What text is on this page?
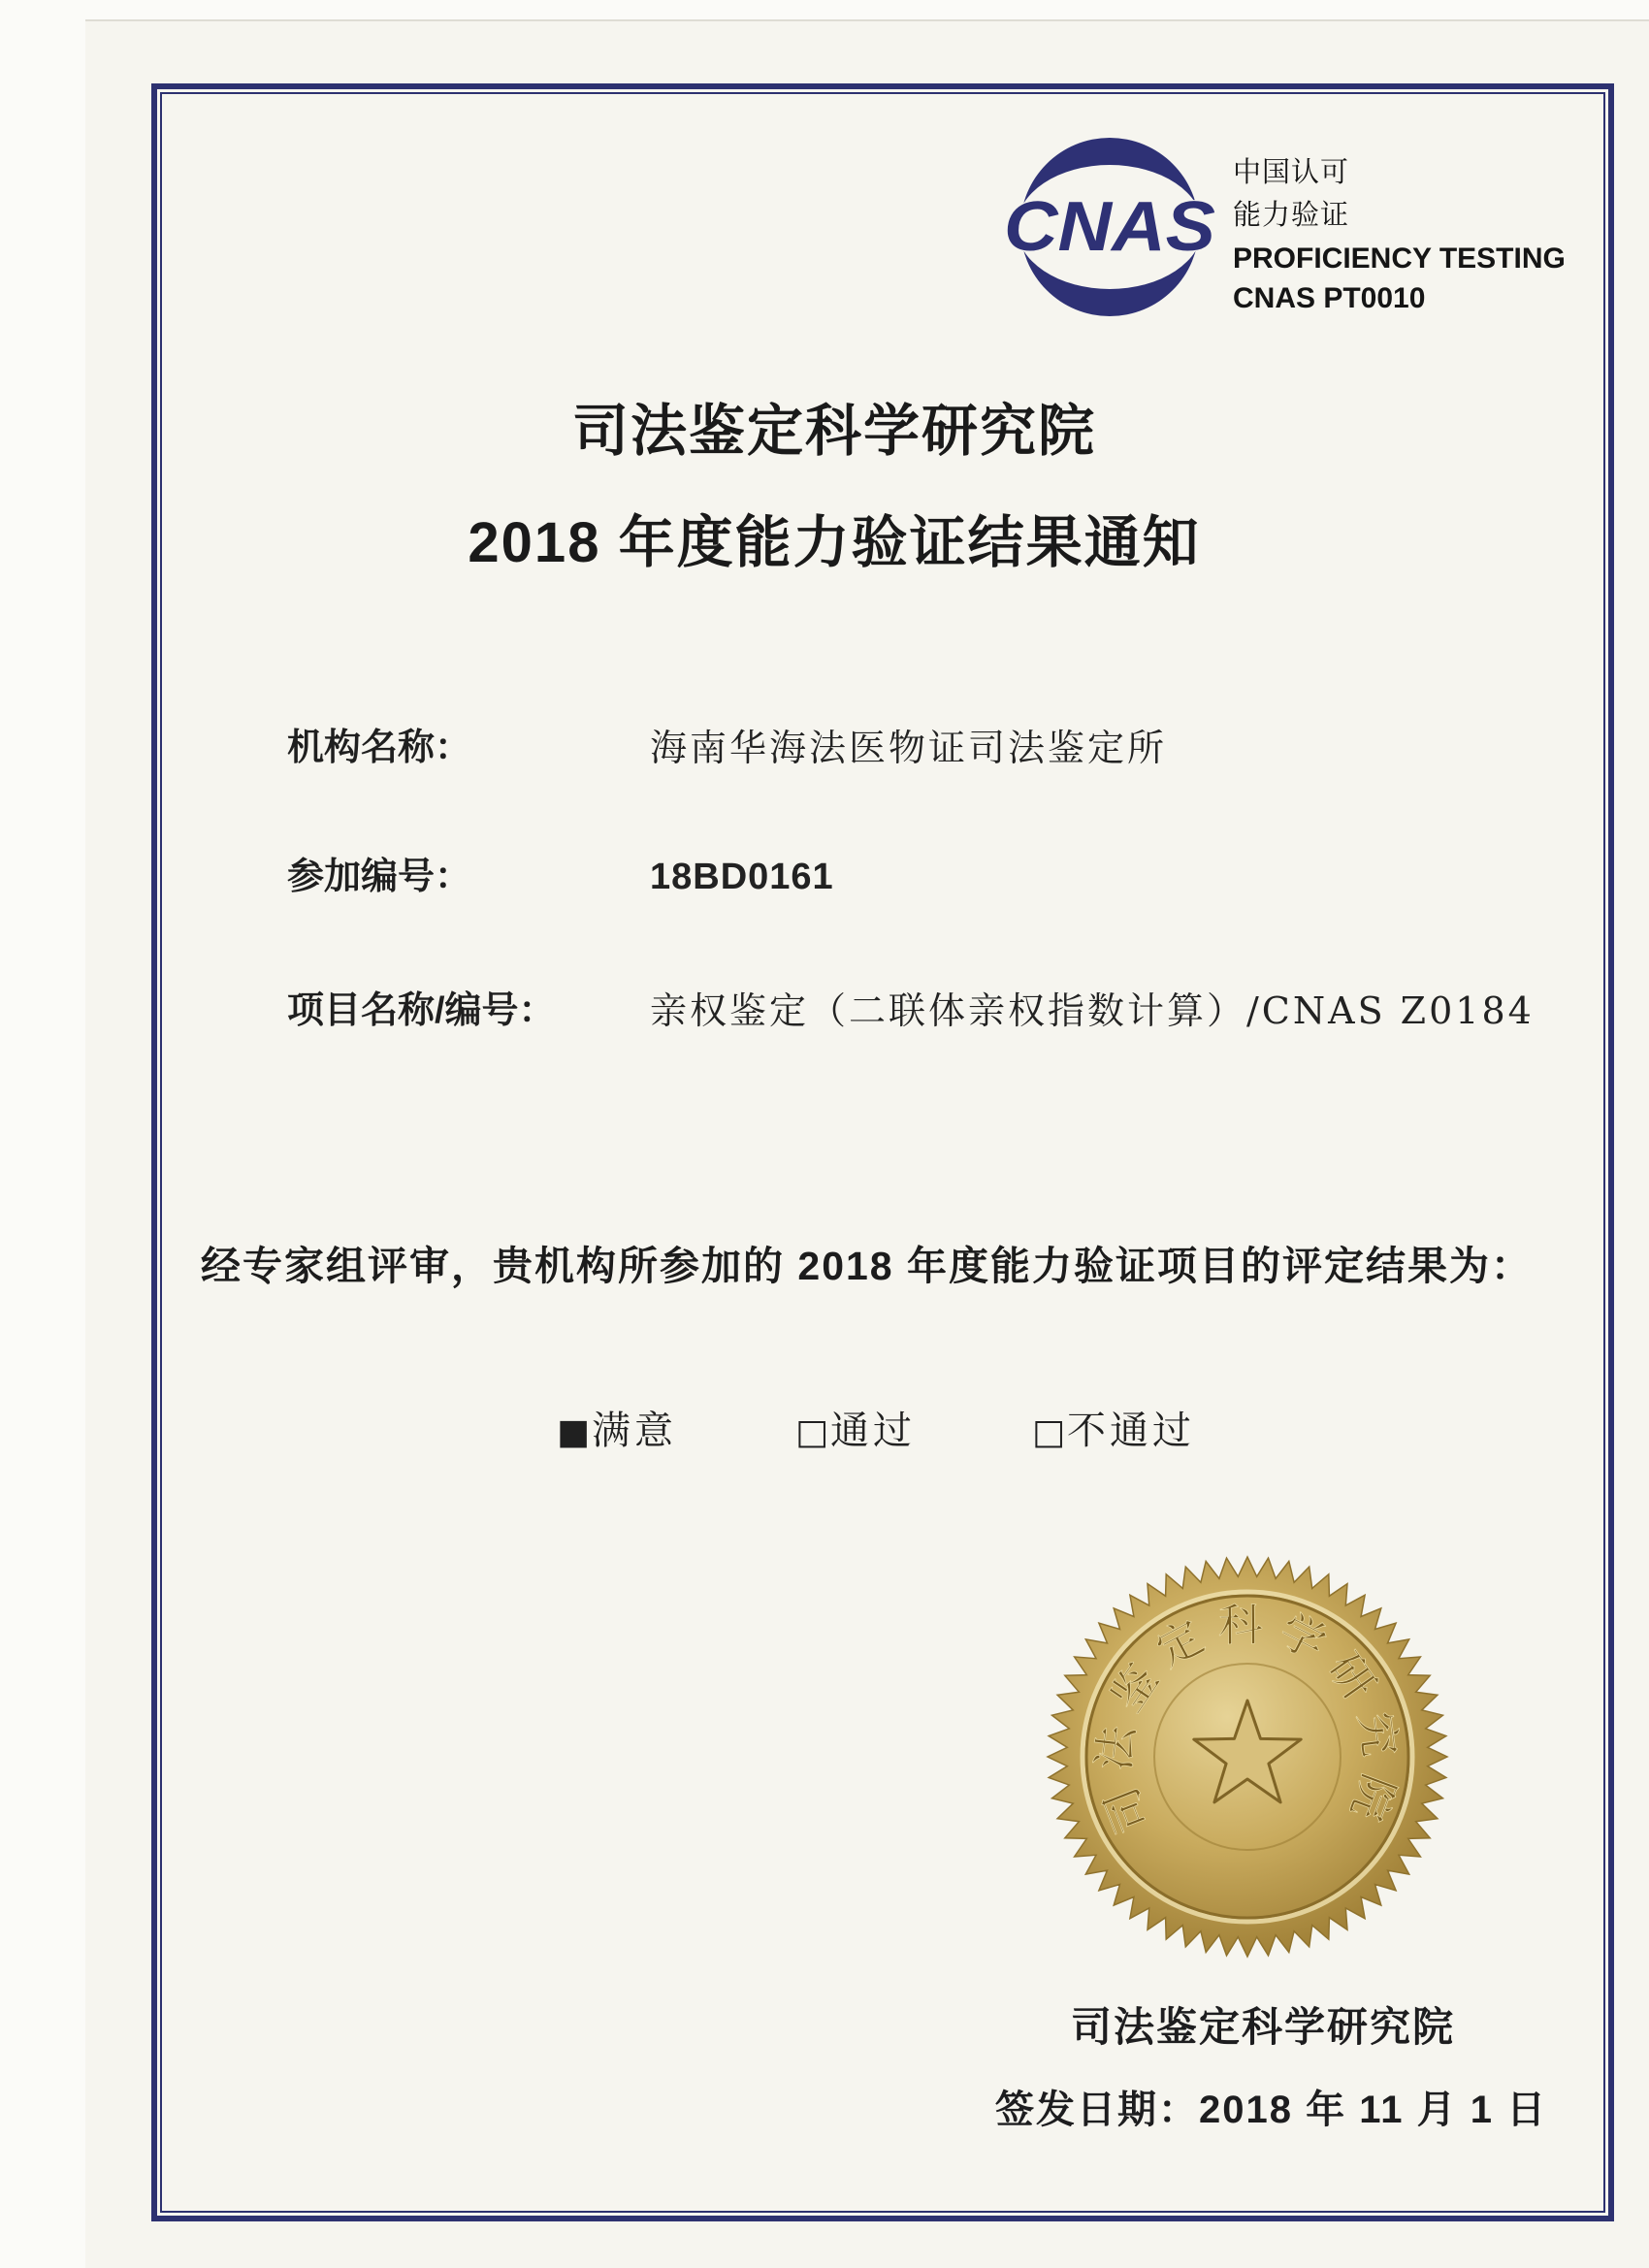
CNAS
中国认可
能力验证
PROFICIENCY TESTING
CNAS PT0010
司法鉴定科学研究院
2018 年度能力验证结果通知
机构名称：	海南华海法医物证司法鉴定所
参加编号：	18BD0161
项目名称/编号：	亲权鉴定（二联体亲权指数计算）/CNAS Z0184
经专家组评审，贵机构所参加的 2018 年度能力验证项目的评定结果为：
■满意	□通过	□不通过
司法鉴定科学研究院
司法鉴定科学研究院
签发日期：2018 年 11 月 1 日
